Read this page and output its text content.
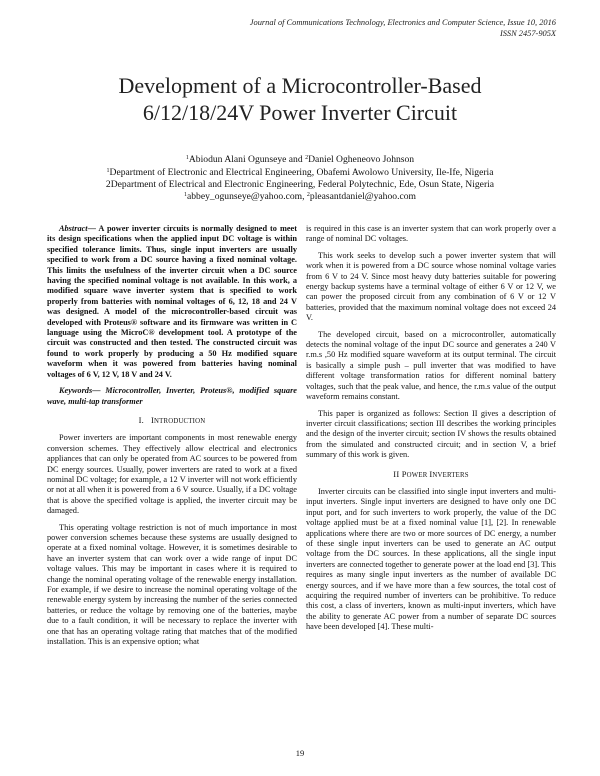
Journal of Communications Technology, Electronics and Computer Science, Issue 10, 2016
ISSN 2457-905X
Development of a Microcontroller-Based
6/12/18/24V Power Inverter Circuit
$^1$Abiodun Alani Ogunseye and $^2$Daniel Ogheneovo Johnson
$^1$Department of Electronic and Electrical Engineering, Obafemi Awolowo University, Ile-Ife, Nigeria
2Department of Electrical and Electronic Engineering, Federal Polytechnic, Ede, Osun State, Nigeria
$^1$abbey_ogunseye@yahoo.com, $^2$pleasantdaniel@yahoo.com

Abstract— A power inverter circuits is normally designed to meet its design specifications when the applied input DC voltage is within specified tolerance limits. Thus, single input inverters are usually specified to work from a DC source having a fixed nominal voltage. This limits the usefulness of the inverter circuit when a DC source having the specified nominal voltage is not available. In this work, a modified square wave inverter system that is specified to work properly from batteries with nominal voltages of 6, 12, 18 and 24 V was designed. A model of the microcontroller-based circuit was developed with Proteus® software and its firmware was written in C language using the MicroC® development tool. A prototype of the circuit was constructed and then tested. The constructed circuit was found to work properly by producing a 50 Hz modified square waveform when it was powered from batteries having nominal voltages of 6 V, 12 V, 18 V and 24 V.

Keywords— Microcontroller, Inverter, Proteus®, modified square wave, multi-tap transformer

I. INTRODUCTION

Power inverters are important components in most renewable energy conversion schemes. They effectively allow electrical and electronics appliances that can only be operated from AC sources to be powered from DC energy sources. Usually, power inverters are rated to work at a fixed nominal DC voltage; for example, a 12 V inverter will not work efficiently or not at all when it is powered from a 6 V source. Usually, if a DC voltage that is above the specified voltage is applied, the inverter circuit may be damaged.

This operating voltage restriction is not of much importance in most power conversion schemes because these systems are usually designed to operate at a fixed nominal voltage. However, it is sometimes desirable to have an inverter system that can work over a wide range of input DC voltage values. This may be important in cases where it is required to change the nominal operating voltage of the renewable energy installation. For example, if we desire to increase the nominal operating voltage of the renewable energy system by increasing the number of the series connected batteries, or reduce the voltage by removing one of the batteries, maybe due to a fault condition, it will be necessary to replace the inverter with one that has an operating voltage rating that matches that of the modified installation. This is an expensive option; what

is required in this case is an inverter system that can work properly over a range of nominal DC voltages.

This work seeks to develop such a power inverter system that will work when it is powered from a DC source whose nominal voltage varies from 6 V to 24 V. Since most heavy duty batteries suitable for powering energy backup systems have a terminal voltage of either 6 V or 12 V, we can power the proposed circuit from any combination of 6 V or 12 V batteries, provided that the maximum nominal voltage does not exceed 24 V.

The developed circuit, based on a microcontroller, automatically detects the nominal voltage of the input DC source and generates a 240 V r.m.s ,50 Hz modified square waveform at its output terminal. The circuit is basically a simple push – pull inverter that was modified to have different voltage transformation ratios for different nominal battery voltages, such that the peak value, and hence, the r.m.s value of the output waveform remains constant.

This paper is organized as follows: Section II gives a description of inverter circuit classifications; section III describes the working principles and the design of the inverter circuit; section IV shows the results obtained from the simulated and constructed circuit; and in section V, a brief summary of this work is given.

II POWER INVERTERS

Inverter circuits can be classified into single input inverters and multi-input inverters. Single input inverters are designed to have only one DC input port, and for such inverters to work properly, the value of the DC voltage applied must be at a fixed nominal value [1], [2]. In renewable applications where there are two or more sources of DC energy, a number of these single input inverters can be used to generate an AC output voltage from the DC sources. In these applications, all the single input inverters are connected together to generate power at the load end [3]. This requires as many single input inverters as the number of available DC energy sources, and if we have more than a few sources, the total cost of acquiring the required number of inverters can be prohibitive. To reduce this cost, a class of inverters, known as multi-input inverters, which have the ability to generate AC power from a number of separate DC sources have been developed [4]. These multi-

19
